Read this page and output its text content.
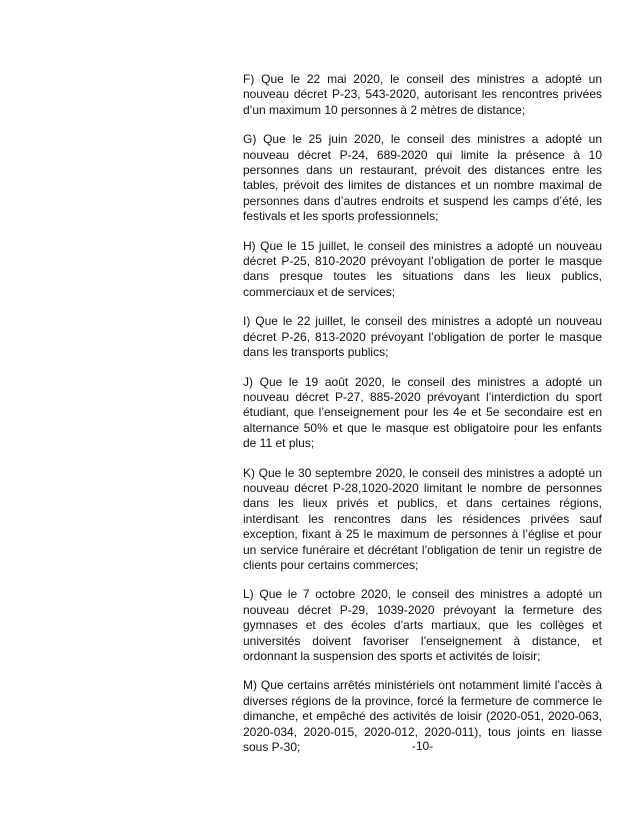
F) Que le 22 mai 2020, le conseil des ministres a adopté un nouveau décret P-23, 543-2020, autorisant les rencontres privées d’un maximum 10 personnes à 2 mètres de distance;

G) Que le 25 juin 2020, le conseil des ministres a adopté un nouveau décret P-24, 689-2020 qui limite la présence à 10 personnes dans un restaurant, prévoit des distances entre les tables, prévoit des limites de distances et un nombre maximal de personnes dans d’autres endroits et suspend les camps d’été, les festivals et les sports professionnels;

H) Que le 15 juillet, le conseil des ministres a adopté un nouveau décret P-25, 810-2020 prévoyant l’obligation de porter le masque dans presque toutes les situations dans les lieux publics, commerciaux et de services;

I) Que le 22 juillet, le conseil des ministres a adopté un nouveau décret P-26, 813-2020 prévoyant l’obligation de porter le masque dans les transports publics;

J) Que le 19 août 2020, le conseil des ministres a adopté un nouveau décret P-27, 885-2020 prévoyant l’interdiction du sport étudiant, que l’enseignement pour les 4e et 5e secondaire est en alternance 50% et que le masque est obligatoire pour les enfants de 11 et plus;

K) Que le 30 septembre 2020, le conseil des ministres a adopté un nouveau décret P-28,1020-2020 limitant le nombre de personnes dans les lieux privés et publics, et dans certaines régions, interdisant les rencontres dans les résidences privées sauf exception, fixant à 25 le maximum de personnes à l’église et pour un service funéraire et décrétant l’obligation de tenir un registre de clients pour certains commerces;

L) Que le 7 octobre 2020, le conseil des ministres a adopté un nouveau décret P-29, 1039-2020 prévoyant la fermeture des gymnases et des écoles d’arts martiaux, que les collèges et universités doivent favoriser l’enseignement à distance, et ordonnant la suspension des sports et activités de loisir;

M) Que certains arrêtés ministériels ont notamment limité l’accès à diverses régions de la province, forcé la fermeture de commerce le dimanche, et empêché des activités de loisir (2020-051, 2020-063, 2020-034, 2020-015, 2020-012, 2020-011), tous joints en liasse sous P-30;	-10-
